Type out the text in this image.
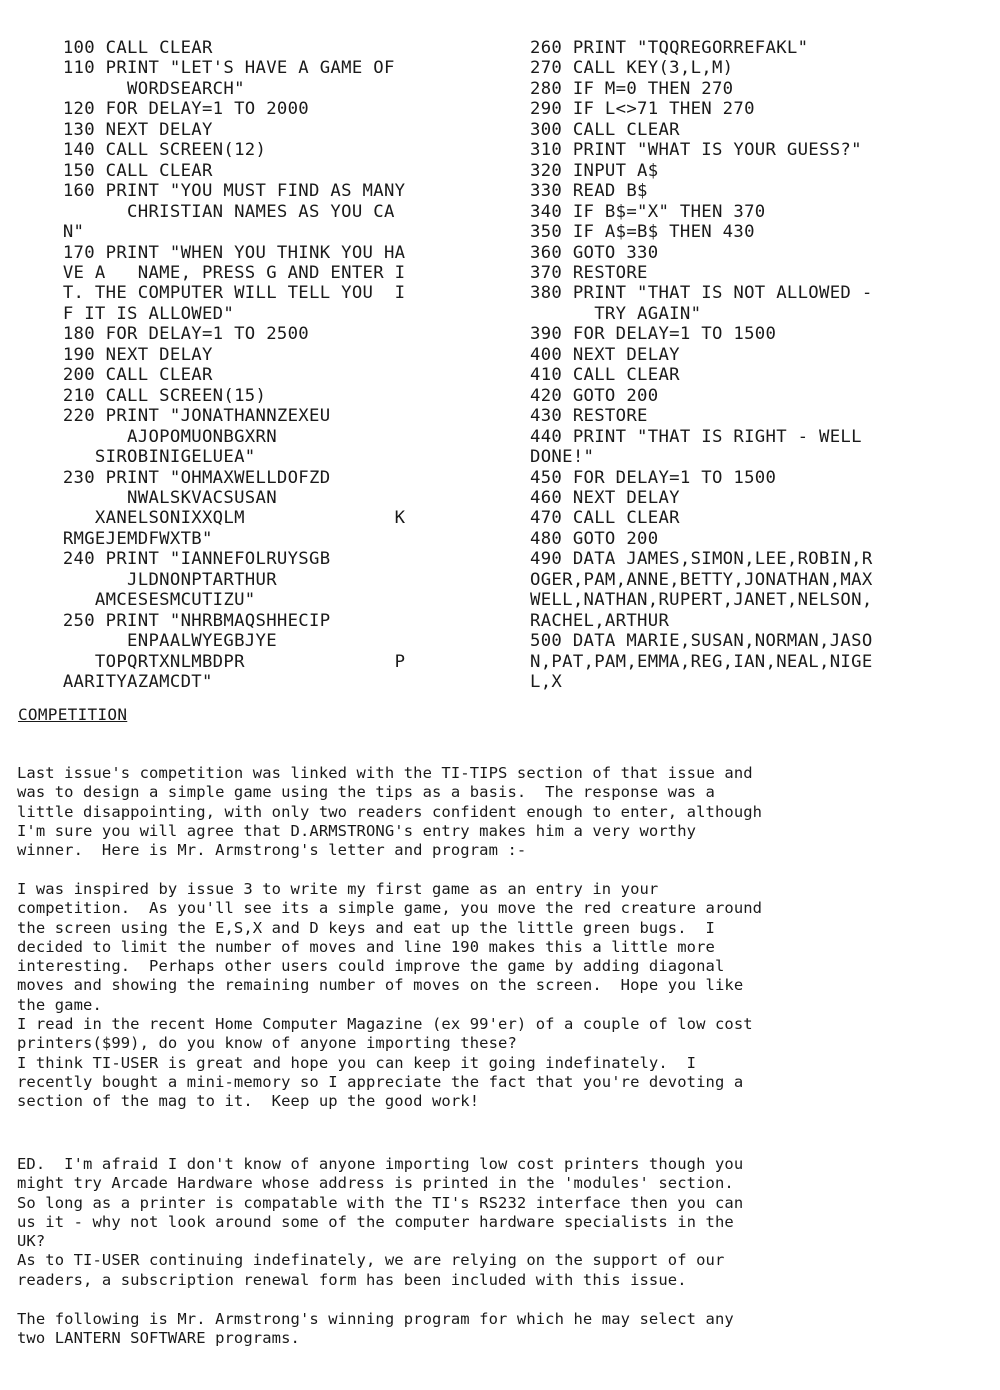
100 CALL CLEAR
110 PRINT "LET'S HAVE A GAME OF
WORDSEARCH"
120 FOR DELAY=1 TO 2000
130 NEXT DELAY
140 CALL SCREEN(12)
150 CALL CLEAR
160 PRINT "YOU MUST FIND AS MANY
CHRISTIAN NAMES AS YOU CA
N"
170 PRINT "WHEN YOU THINK YOU HA
VE A   NAME, PRESS G AND ENTER I
T. THE COMPUTER WILL TELL YOU  I
F IT IS ALLOWED"
180 FOR DELAY=1 TO 2500
190 NEXT DELAY
200 CALL CLEAR
210 CALL SCREEN(15)
220 PRINT "JONATHANNZEXEU
AJOPOMUONBGXRN
SIROBINIGELUEA"
230 PRINT "OHMAXWELLDOFZD
NWALSKVACSUSAN
XANELSONIXXQLM              K
RMGEJEMDFWXTB"
240 PRINT "IANNEFOLRUYSGB
JLDNONPTARTHUR
AMCESESMCUTIZU"
250 PRINT "NHRBMAQSHHECIP
ENPAALWYEGBJYE
TOPQRTXNLMBDPR              P
AARITYAZAMCDT"
260 PRINT "TQQREGORREFAKL"
270 CALL KEY(3,L,M)
280 IF M=0 THEN 270
290 IF L<>71 THEN 270
300 CALL CLEAR
310 PRINT "WHAT IS YOUR GUESS?"
320 INPUT A$
330 READ B$
340 IF B$="X" THEN 370
350 IF A$=B$ THEN 430
360 GOTO 330
370 RESTORE
380 PRINT "THAT IS NOT ALLOWED -
TRY AGAIN"
390 FOR DELAY=1 TO 1500
400 NEXT DELAY
410 CALL CLEAR
420 GOTO 200
430 RESTORE
440 PRINT "THAT IS RIGHT - WELL
DONE!"
450 FOR DELAY=1 TO 1500
460 NEXT DELAY
470 CALL CLEAR
480 GOTO 200
490 DATA JAMES,SIMON,LEE,ROBIN,R
OGER,PAM,ANNE,BETTY,JONATHAN,MAX
WELL,NATHAN,RUPERT,JANET,NELSON,
RACHEL,ARTHUR
500 DATA MARIE,SUSAN,NORMAN,JASO
N,PAT,PAM,EMMA,REG,IAN,NEAL,NIGE
L,X
COMPETITION
Last issue's competition was linked with the TI-TIPS section of that issue and
was to design a simple game using the tips as a basis.  The response was a
little disappointing, with only two readers confident enough to enter, although
I'm sure you will agree that D.ARMSTRONG's entry makes him a very worthy
winner.  Here is Mr. Armstrong's letter and program :-
I was inspired by issue 3 to write my first game as an entry in your
competition.  As you'll see its a simple game, you move the red creature around
the screen using the E,S,X and D keys and eat up the little green bugs.  I
decided to limit the number of moves and line 190 makes this a little more
interesting.  Perhaps other users could improve the game by adding diagonal
moves and showing the remaining number of moves on the screen.  Hope you like
the game.
I read in the recent Home Computer Magazine (ex 99'er) of a couple of low cost
printers($99), do you know of anyone importing these?
I think TI-USER is great and hope you can keep it going indefinately.  I
recently bought a mini-memory so I appreciate the fact that you're devoting a
section of the mag to it.  Keep up the good work!
ED.  I'm afraid I don't know of anyone importing low cost printers though you
might try Arcade Hardware whose address is printed in the 'modules' section.
So long as a printer is compatable with the TI's RS232 interface then you can
us it - why not look around some of the computer hardware specialists in the
UK?
As to TI-USER continuing indefinately, we are relying on the support of our
readers, a subscription renewal form has been included with this issue.
The following is Mr. Armstrong's winning program for which he may select any
two LANTERN SOFTWARE programs.
